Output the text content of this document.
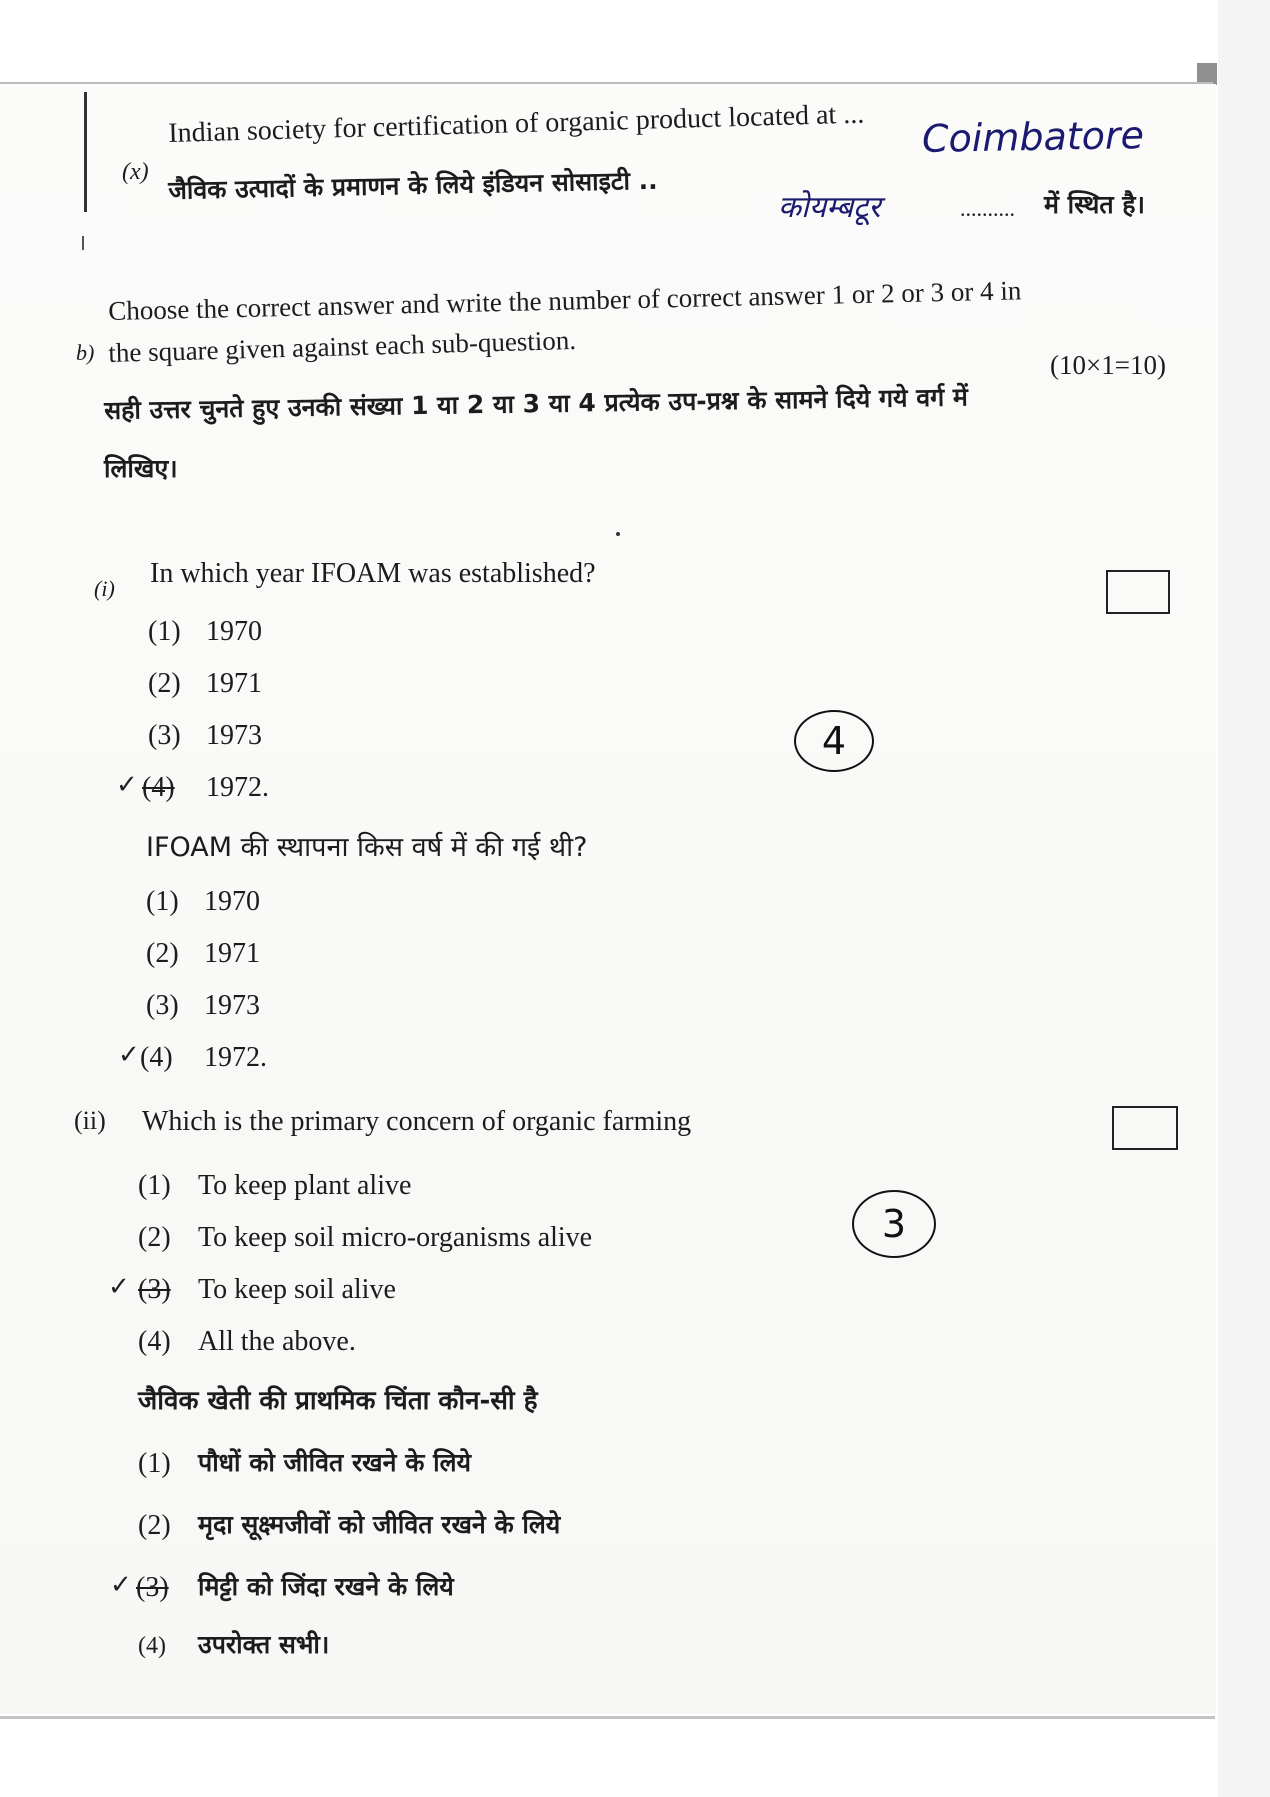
(x)
Indian society for certification of organic product located at ... Coimbatore
जैविक उत्पादों के प्रमाणन के लिये इंडियन सोसाइटी ..
कोयम्बटूर	.......... में स्थित है।
b)
Choose the correct answer and write the number of correct answer 1 or 2 or 3 or 4 in
the square given against each sub-question.	(10×1=10)
सही उत्तर चुनते हुए उनकी संख्या 1 या 2 या 3 या 4 प्रत्येक उप-प्रश्न के सामने दिये गये वर्ग में
लिखिए।
(i) In which year IFOAM was established?
(1) 1970
(2) 1971
(3) 1973
✓ (4) 1972.
4
IFOAM की स्थापना किस वर्ष में की गई थी?
(1) 1970
(2) 1971
(3) 1973
✓ (4) 1972.
(ii) Which is the primary concern of organic farming
(1) To keep plant alive
(2) To keep soil micro-organisms alive
✓ (3) To keep soil alive
(4) All the above.
3
जैविक खेती की प्राथमिक चिंता कौन-सी है
(1) पौधों को जीवित रखने के लिये
(2) मृदा सूक्ष्मजीवों को जीवित रखने के लिये
✓ (3) मिट्टी को जिंदा रखने के लिये
(4) उपरोक्त सभी।
